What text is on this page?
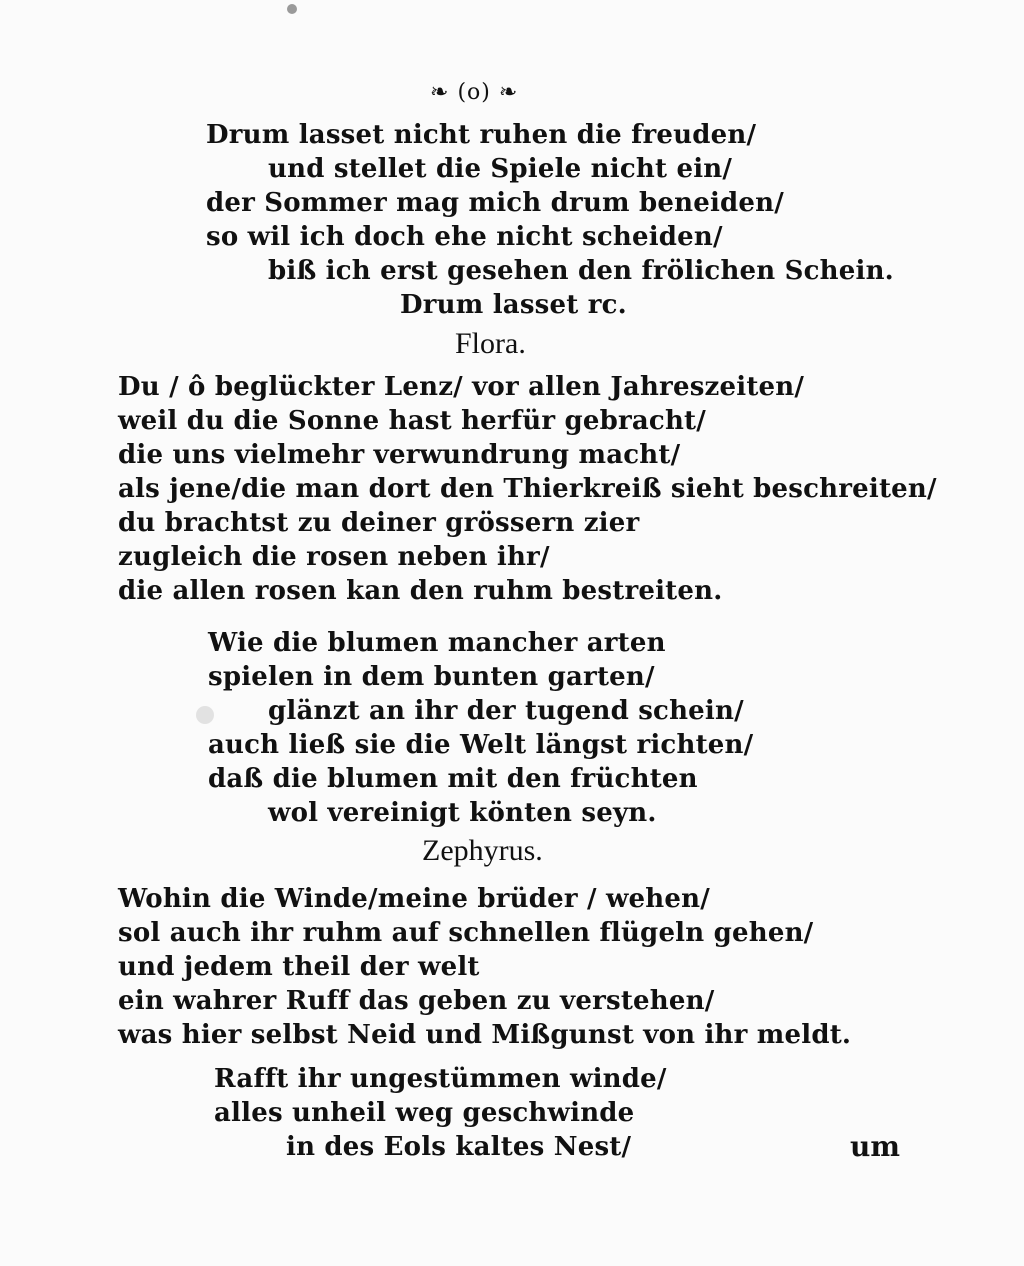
❧ (o) ❧
Drum lasset nicht ruhen die freuden/
und stellet die Spiele nicht ein/
der Sommer mag mich drum beneiden/
so wil ich doch ehe nicht scheiden/
biß ich erst gesehen den frölichen Schein.
Drum lasset rc.
Flora.
Du / ô beglückter Lenz/ vor allen Jahreszeiten/
weil du die Sonne hast herfür gebracht/
die uns vielmehr verwundrung macht/
als jene/die man dort den Thierkreiß sieht beschreiten/
du brachtst zu deiner grössern zier
zugleich die rosen neben ihr/
die allen rosen kan den ruhm bestreiten.
Wie die blumen mancher arten
spielen in dem bunten garten/
glänzt an ihr der tugend schein/
auch ließ sie die Welt längst richten/
daß die blumen mit den früchten
wol vereinigt könten seyn.
Zephyrus.
Wohin die Winde/meine brüder / wehen/
sol auch ihr ruhm auf schnellen flügeln gehen/
und jedem theil der welt
ein wahrer Ruff das geben zu verstehen/
was hier selbst Neid und Mißgunst von ihr meldt.
Rafft ihr ungestümmen winde/
alles unheil weg geschwinde
in des Eols kaltes Nest/	um
